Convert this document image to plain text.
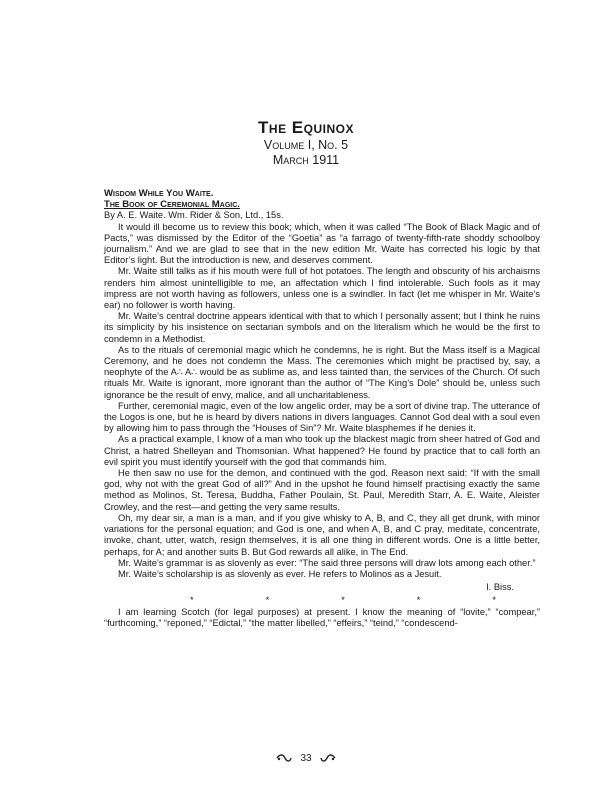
The Equinox
Volume I, No. 5
March 1911
Wisdom While You Waite.
The Book of Ceremonial Magic.
By A. E. Waite. Wm. Rider & Son, Ltd., 15s.

It would ill become us to review this book; which, when it was called “The Book of Black Magic and of Pacts,” was dismissed by the Editor of the “Goetia” as “a farrago of twenty-fifth-rate shoddy schoolboy journalism.” And we are glad to see that in the new edition Mr. Waite has corrected his logic by that Editor’s light. But the introduction is new, and deserves comment.

Mr. Waite still talks as if his mouth were full of hot potatoes. The length and obscurity of his archaisms renders him almost unintelligible to me, an affectation which I find intolerable. Such fools as it may impress are not worth having as followers, unless one is a swindler. In fact (let me whisper in Mr. Waite’s ear) no follower is worth having.

Mr. Waite’s central doctrine appears identical with that to which I personally assent; but I think he ruins its simplicity by his insistence on sectarian symbols and on the literalism which he would be the first to condemn in a Methodist.

As to the rituals of ceremonial magic which he condemns, he is right. But the Mass itself is a Magical Ceremony, and he does not condemn the Mass. The ceremonies which might be practised by, say, a neophyte of the A∴ A∴ would be as sublime as, and less tainted than, the services of the Church. Of such rituals Mr. Waite is ignorant, more ignorant than the author of “The King’s Dole” should be, unless such ignorance be the result of envy, malice, and all uncharitableness.

Further, ceremonial magic, even of the low angelic order, may be a sort of divine trap. The utterance of the Logos is one, but he is heard by divers nations in divers languages. Cannot God deal with a soul even by allowing him to pass through the “Houses of Sin”? Mr. Waite blasphemes if he denies it.

As a practical example, I know of a man who took up the blackest magic from sheer hatred of God and Christ, a hatred Shelleyan and Thomsonian. What happened? He found by practice that to call forth an evil spirit you must identify yourself with the god that commands him.

He then saw no use for the demon, and continued with the god. Reason next said: “If with the small god, why not with the great God of all?” And in the upshot he found himself practising exactly the same method as Molinos, St. Teresa, Buddha, Father Poulain, St. Paul, Meredith Starr, A. E. Waite, Aleister Crowley, and the rest—and getting the very same results.

Oh, my dear sir, a man is a man, and if you give whisky to A, B, and C, they all get drunk, with minor variations for the personal equation; and God is one, and when A, B, and C pray, meditate, concentrate, invoke, chant, utter, watch, resign themselves, it is all one thing in different words. One is a little better, perhaps, for A; and another suits B. But God rewards all alike, in The End.

Mr. Waite’s grammar is as slovenly as ever: “The said three persons will draw lots among each other.”

Mr. Waite’s scholarship is as slovenly as ever. He refers to Molinos as a Jesuit.

I. Biss.
*	*	*	*	*

I am learning Scotch (for legal purposes) at present. I know the meaning of “lovite,” “compear,” “furthcoming,” “reponed,” “Edictal,” “the matter libelled,” “effeirs,” “teind,” “condescend-

33
